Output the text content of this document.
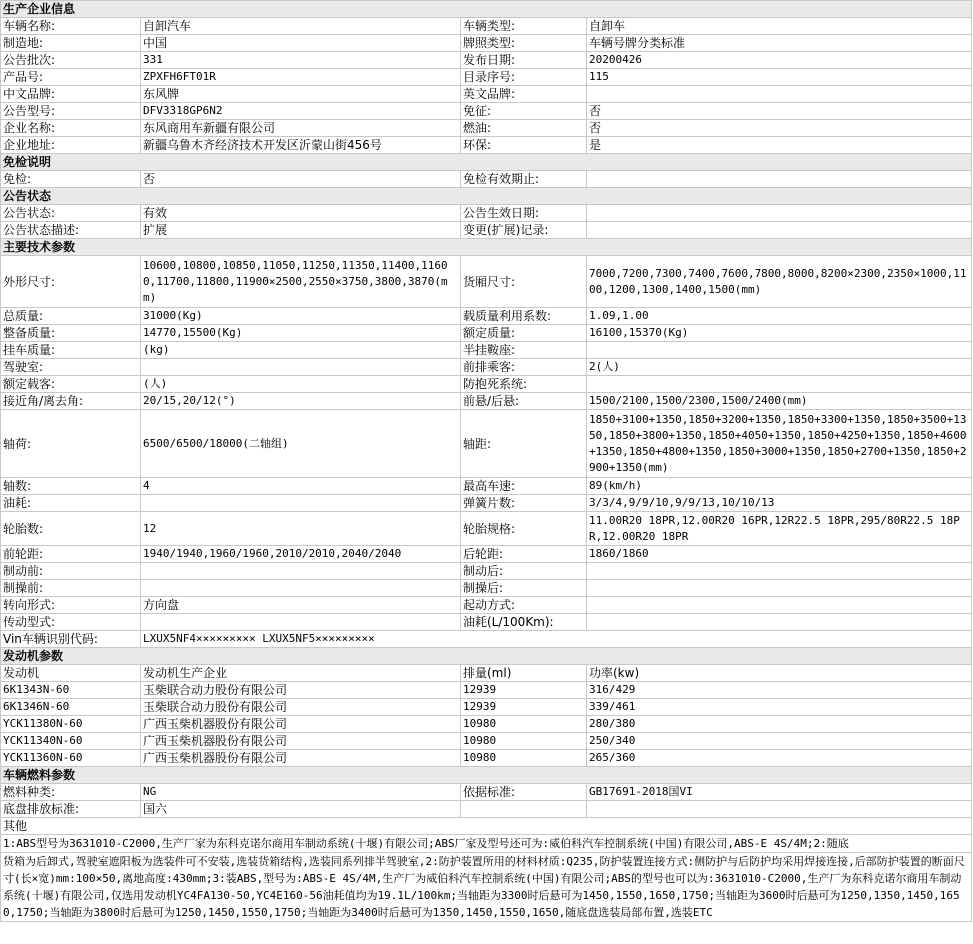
生产企业信息			
车辆名称:	自卸汽车	车辆类型:	自卸车
制造地:	中国	牌照类型:	车辆号牌分类标准
公告批次:	331	发布日期:	20200426
产品号:	ZPXFH6FT01R	目录序号:	115
中文品牌:	东风牌	英文品牌:	
公告型号:	DFV3318GP6N2	免征:	否
企业名称:	东风商用车新疆有限公司	燃油:	否
企业地址:	新疆乌鲁木齐经济技术开发区沂蒙山街456号	环保:	是
免检说明			
免检:	否	免检有效期止:	
公告状态			
公告状态:	有效	公告生效日期:	
公告状态描述:	扩展	变更(扩展)记录:	
主要技术参数			
外形尺寸:	10600,10800,10850,11050,11250,11350,11400,11600,11700,11800,11900×2500,2550×3750,3800,3870(mm)	货厢尺寸:	7000,7200,7300,7400,7600,7800,8000,8200×2300,2350×1000,1100,1200,1300,1400,1500(mm)
总质量:	31000(Kg)	载质量利用系数:	1.09,1.00
整备质量:	14770,15500(Kg)	额定质量:	16100,15370(Kg)
挂车质量:	(kg)	半挂鞍座:	
驾驶室:		前排乘客:	2(人)
额定载客:	(人)	防抱死系统:	
接近角/离去角:	20/15,20/12(°)	前悬/后悬:	1500/2100,1500/2300,1500/2400(mm)
轴荷:	6500/6500/18000(二轴组)	轴距:	1850+3100+1350,1850+3200+1350,1850+3300+1350,1850+3500+1350,1850+3800+1350,1850+4050+1350,1850+4250+1350,1850+4600+1350,1850+4800+1350,1850+3000+1350,1850+2700+1350,1850+2900+1350(mm)
轴数:	4	最高车速:	89(km/h)
油耗:		弹簧片数:	3/3/4,9/9/10,9/9/13,10/10/13
轮胎数:	12	轮胎规格:	11.00R20 18PR,12.00R20 16PR,12R22.5 18PR,295/80R22.5 18PR,12.00R20 18PR
前轮距:	1940/1940,1960/1960,2010/2010,2040/2040	后轮距:	1860/1860
制动前:		制动后:	
制操前:		制操后:	
转向形式:	方向盘	起动方式:	
传动型式:		油耗(L/100Km):	
Vin车辆识别代码:	LXUX5NF4××××××××× LXUX5NF5×××××××××		
发动机参数			
发动机	发动机生产企业	排量(ml)	功率(kw)
6K1343N-60	玉柴联合动力股份有限公司	12939	316/429
6K1346N-60	玉柴联合动力股份有限公司	12939	339/461
YCK11380N-60	广西玉柴机器股份有限公司	10980	280/380
YCK11340N-60	广西玉柴机器股份有限公司	10980	250/340
YCK11360N-60	广西玉柴机器股份有限公司	10980	265/360
车辆燃料参数			
燃料种类:	NG	依据标准:	GB17691-2018国VI
底盘排放标准:	国六		
其他			
1:ABS型号为3631010-C2000,生产厂家为东科克诺尔商用车制动系统(十堰)有限公司;ABS厂家及型号还可为:威伯科汽车控制系统(中国)有限公司,ABS-E 4S/4M;2:随底			
货箱为后卸式,驾驶室遮阳板为选装件可不安装,选装货箱结构,选装同系列排半驾驶室,2:防护装置所用的材料材质:Q235,防护装置连接方式:侧防护与后防护均采用焊接连接,后部防护装置的断面尺寸(长×宽)mm:100×50,离地高度:430mm;3:装ABS,型号为:ABS-E 4S/4M,生产厂为威伯科汽车控制系统(中国)有限公司;ABS的型号也可以为:3631010-C2000,生产厂为东科克诺尔商用车制动系统(十堰)有限公司,仅选用发动机YC4FA130-50,YC4E160-56油耗值均为19.1L/100km;当轴距为3300时后悬可为1450,1550,1650,1750;当轴距为3600时后悬可为1250,1350,1450,1650,1750;当轴距为3800时后悬可为1250,1450,1550,1750;当轴距为3400时后悬可为1350,1450,1550,1650,随底盘选装局部布置,选装ETC			
